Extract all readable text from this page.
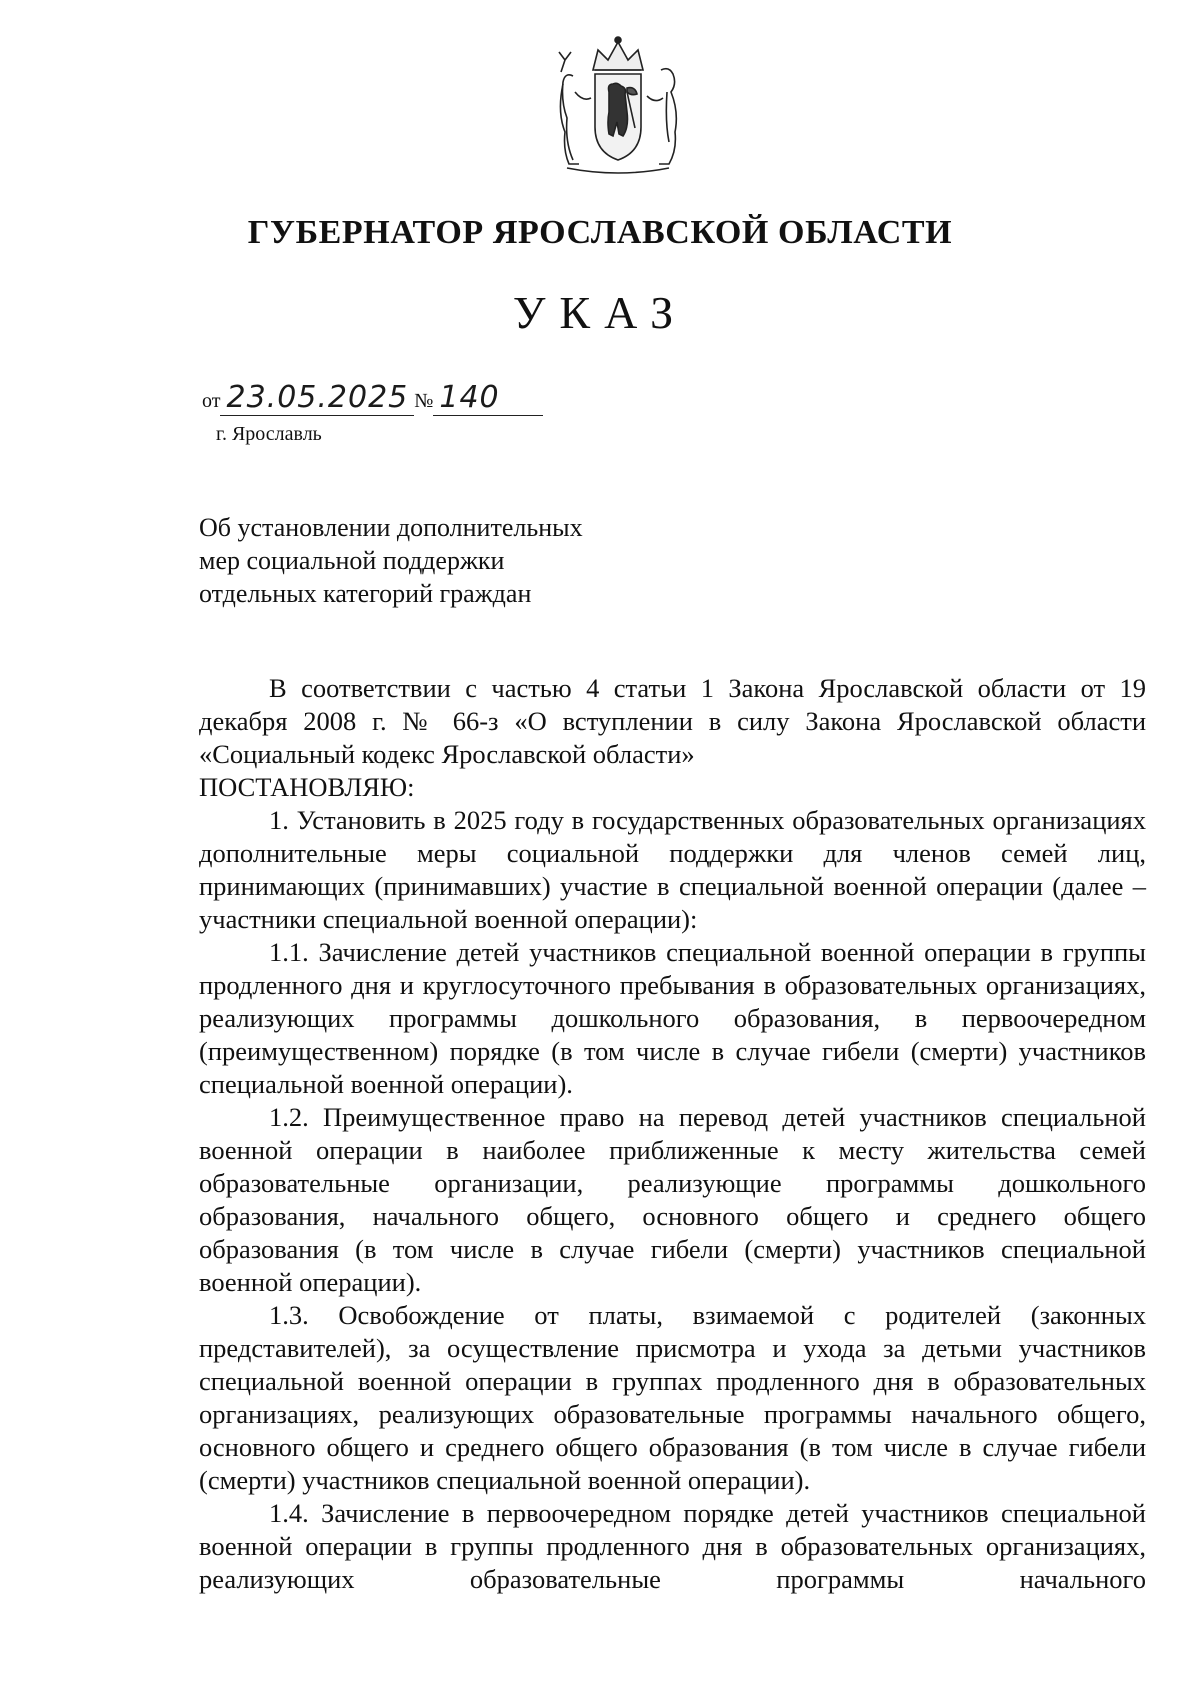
ГУБЕРНАТОР ЯРОСЛАВСКОЙ ОБЛАСТИ
УКАЗ
от 23.05.2025 № 140
г. Ярославль
Об установлении дополнительных
мер социальной поддержки
отдельных категорий граждан

В соответствии с частью 4 статьи 1 Закона Ярославской области от 19 декабря 2008 г. № 66-з «О вступлении в силу Закона Ярославской области «Социальный кодекс Ярославской области»

ПОСТАНОВЛЯЮ:

1. Установить в 2025 году в государственных образовательных организациях дополнительные меры социальной поддержки для членов семей лиц, принимающих (принимавших) участие в специальной военной операции (далее – участники специальной военной операции):

1.1. Зачисление детей участников специальной военной операции в группы продленного дня и круглосуточного пребывания в образовательных организациях, реализующих программы дошкольного образования, в первоочередном (преимущественном) порядке (в том числе в случае гибели (смерти) участников специальной военной операции).

1.2. Преимущественное право на перевод детей участников специальной военной операции в наиболее приближенные к месту жительства семей образовательные организации, реализующие программы дошкольного образования, начального общего, основного общего и среднего общего образования (в том числе в случае гибели (смерти) участников специальной военной операции).

1.3. Освобождение от платы, взимаемой с родителей (законных представителей), за осуществление присмотра и ухода за детьми участников специальной военной операции в группах продленного дня в образовательных организациях, реализующих образовательные программы начального общего, основного общего и среднего общего образования (в том числе в случае гибели (смерти) участников специальной военной операции).

1.4. Зачисление в первоочередном порядке детей участников специальной военной операции в группы продленного дня в образовательных организациях, реализующих образовательные программы начального
